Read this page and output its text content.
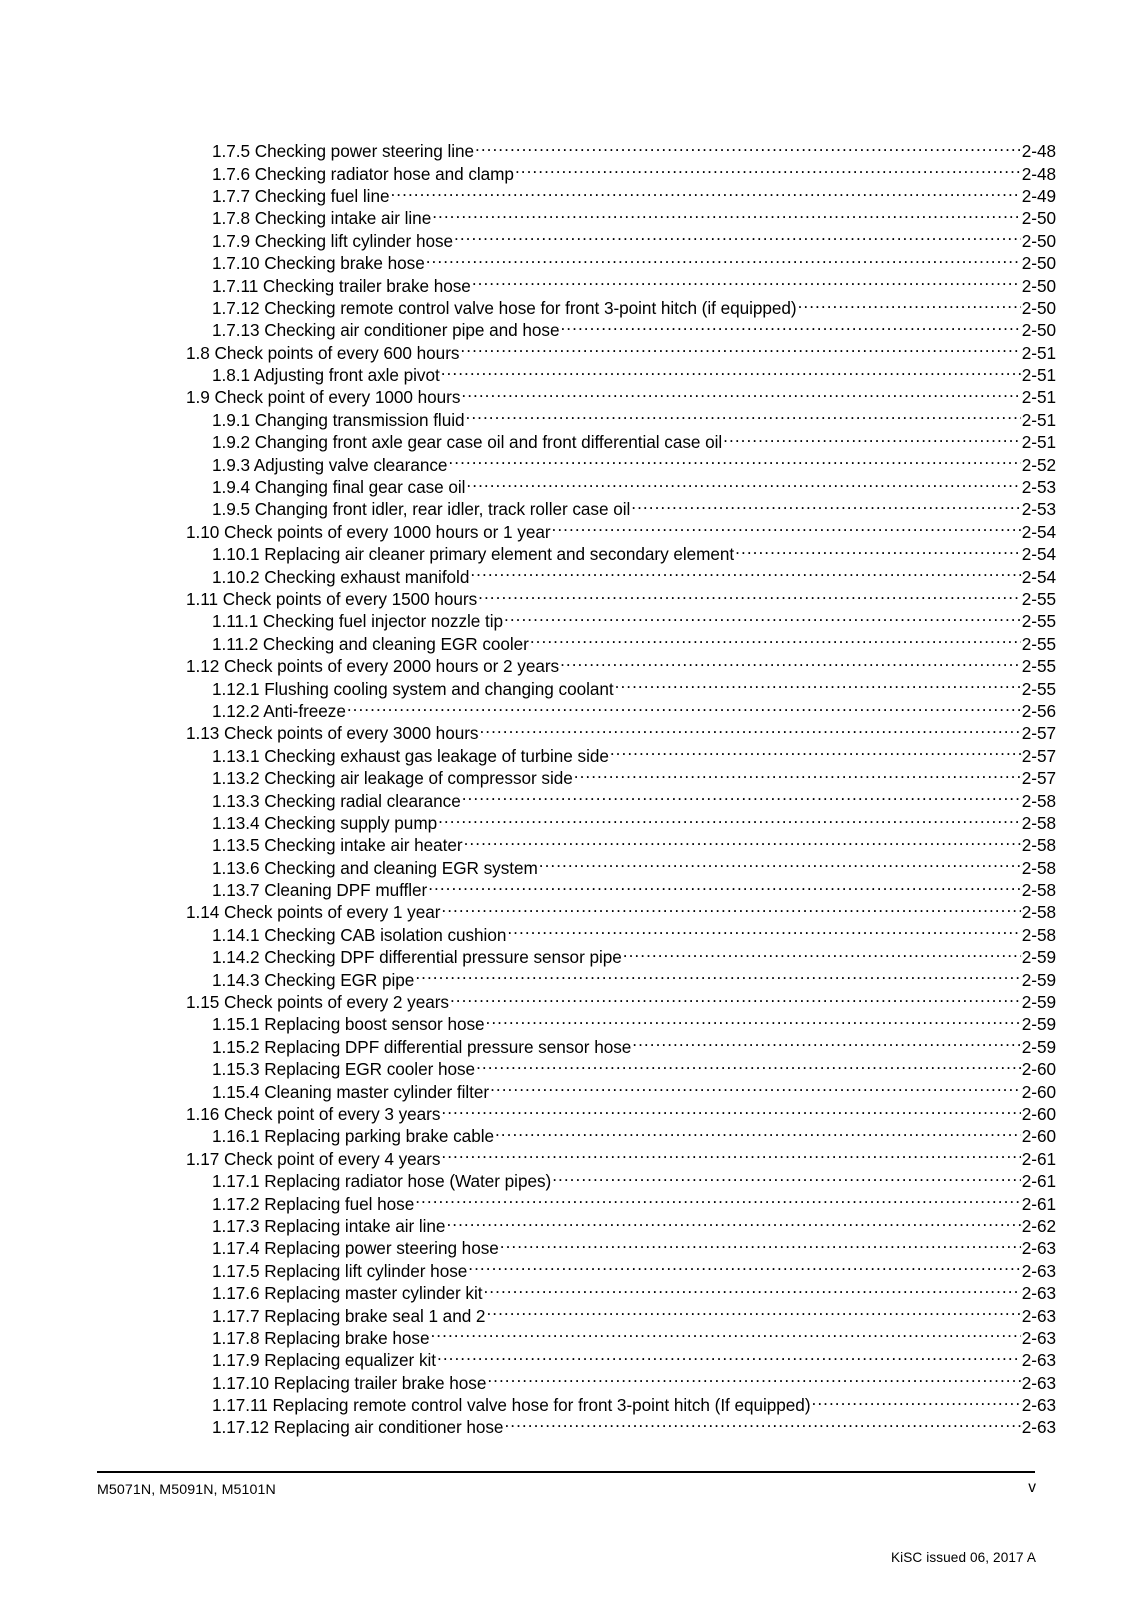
1.7.5 Checking power steering line .....	2-48
1.7.6 Checking radiator hose and clamp .....	2-48
1.7.7 Checking fuel line .....	2-49
1.7.8 Checking intake air line .....	2-50
1.7.9 Checking lift cylinder hose .....	2-50
1.7.10 Checking brake hose .....	2-50
1.7.11 Checking trailer brake hose .....	2-50
1.7.12 Checking remote control valve hose for front 3-point hitch (if equipped) .....	2-50
1.7.13 Checking air conditioner pipe and hose .....	2-50
1.8 Check points of every 600 hours .....	2-51
1.8.1 Adjusting front axle pivot .....	2-51
1.9 Check point of every 1000 hours .....	2-51
1.9.1 Changing transmission fluid .....	2-51
1.9.2 Changing front axle gear case oil and front differential case oil .....	2-51
1.9.3 Adjusting valve clearance .....	2-52
1.9.4 Changing final gear case oil .....	2-53
1.9.5 Changing front idler, rear idler, track roller case oil .....	2-53
1.10 Check points of every 1000 hours or 1 year .....	2-54
1.10.1 Replacing air cleaner primary element and secondary element .....	2-54
1.10.2 Checking exhaust manifold .....	2-54
1.11 Check points of every 1500 hours .....	2-55
1.11.1 Checking fuel injector nozzle tip .....	2-55
1.11.2 Checking and cleaning EGR cooler .....	2-55
1.12 Check points of every 2000 hours or 2 years .....	2-55
1.12.1 Flushing cooling system and changing coolant .....	2-55
1.12.2 Anti-freeze .....	2-56
1.13 Check points of every 3000 hours .....	2-57
1.13.1 Checking exhaust gas leakage of turbine side .....	2-57
1.13.2 Checking air leakage of compressor side .....	2-57
1.13.3 Checking radial clearance .....	2-58
1.13.4 Checking supply pump .....	2-58
1.13.5 Checking intake air heater .....	2-58
1.13.6 Checking and cleaning EGR system .....	2-58
1.13.7 Cleaning DPF muffler .....	2-58
1.14 Check points of every 1 year .....	2-58
1.14.1 Checking CAB isolation cushion .....	2-58
1.14.2 Checking DPF differential pressure sensor pipe .....	2-59
1.14.3 Checking EGR pipe .....	2-59
1.15 Check points of every 2 years .....	2-59
1.15.1 Replacing boost sensor hose .....	2-59
1.15.2 Replacing DPF differential pressure sensor hose .....	2-59
1.15.3 Replacing EGR cooler hose .....	2-60
1.15.4 Cleaning master cylinder filter .....	2-60
1.16 Check point of every 3 years .....	2-60
1.16.1 Replacing parking brake cable .....	2-60
1.17 Check point of every 4 years .....	2-61
1.17.1 Replacing radiator hose (Water pipes) .....	2-61
1.17.2 Replacing fuel hose .....	2-61
1.17.3 Replacing intake air line .....	2-62
1.17.4 Replacing power steering hose .....	2-63
1.17.5 Replacing lift cylinder hose .....	2-63
1.17.6 Replacing master cylinder kit .....	2-63
1.17.7 Replacing brake seal 1 and 2 .....	2-63
1.17.8 Replacing brake hose .....	2-63
1.17.9 Replacing equalizer kit .....	2-63
1.17.10 Replacing trailer brake hose .....	2-63
1.17.11 Replacing remote control valve hose for front 3-point hitch (If equipped) .....	2-63
1.17.12 Replacing air conditioner hose .....	2-63
M5071N, M5091N, M5101N	v
KiSC issued 06, 2017 A
